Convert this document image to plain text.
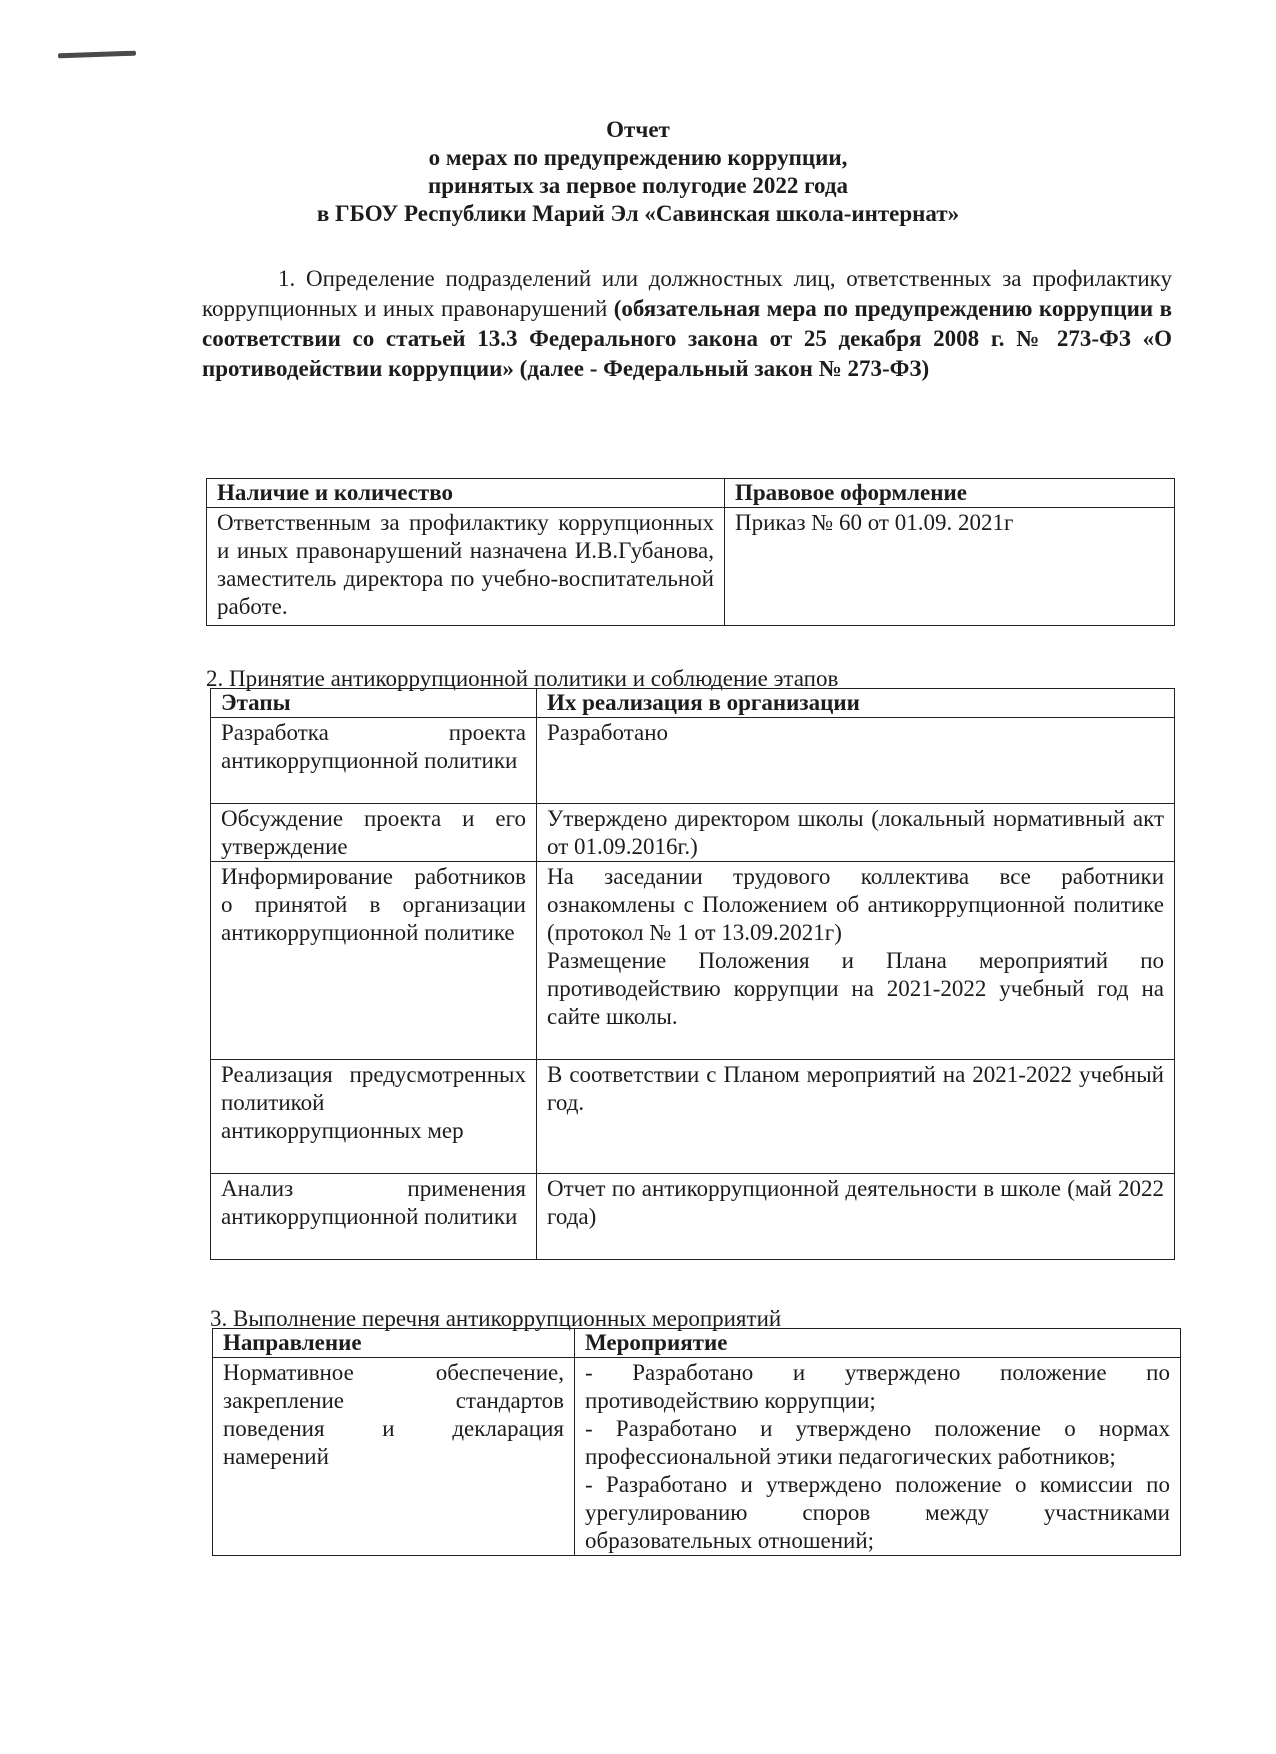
Отчет
о мерах по предупреждению коррупции,
принятых за первое полугодие 2022 года
в ГБОУ Республики Марий Эл «Савинская школа-интернат»
1. Определение подразделений или должностных лиц, ответственных за профилактику коррупционных и иных правонарушений (обязательная мера по предупреждению коррупции в соответствии со статьей 13.3 Федерального закона от 25 декабря 2008 г. № 273-ФЗ «О противодействии коррупции» (далее - Федеральный закон № 273-ФЗ)
Наличие и количество	Правовое оформление
Ответственным за профилактику коррупционных и иных правонарушений назначена И.В.Губанова, заместитель директора по учебно-воспитательной работе.	Приказ № 60 от 01.09. 2021г
2. Принятие антикоррупционной политики и соблюдение этапов
Этапы	Их реализация в организации
Разработка проекта антикоррупционной политики	Разработано
Обсуждение проекта и его утверждение	Утверждено директором школы (локальный нормативный акт от 01.09.2016г.)
Информирование работников о принятой в организации антикоррупционной политике	На заседании трудового коллектива все работники ознакомлены с Положением об антикоррупционной политике (протокол № 1 от 13.09.2021г)
Размещение Положения и Плана мероприятий по противодействию коррупции на 2021-2022 учебный год на сайте школы.

Реализация предусмотренных политикой антикоррупционных мер	В соответствии с Планом мероприятий на 2021-2022 учебный год.
Анализ применения антикоррупционной политики	Отчет по антикоррупционной деятельности в школе (май 2022 года)
3. Выполнение перечня антикоррупционных мероприятий
Направление	Мероприятие
Нормативное обеспечение, закрепление стандартов поведения и декларация намерений	- Разработано и утверждено положение по противодействию коррупции;
- Разработано и утверждено положение о нормах профессиональной этики педагогических работников;
- Разработано и утверждено положение о комиссии по урегулированию споров между участниками образовательных отношений;
